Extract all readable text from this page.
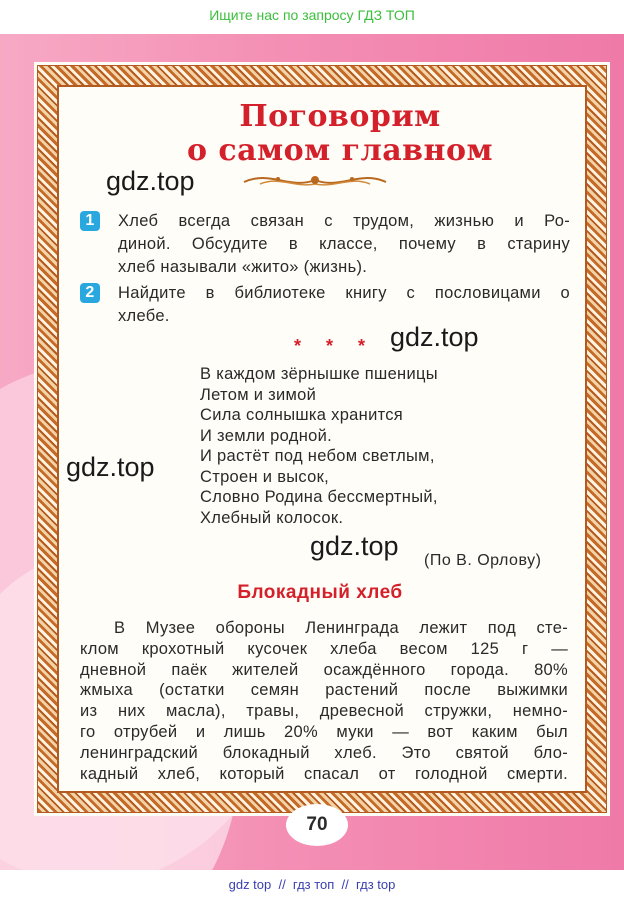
Ищите нас по запросу ГДЗ ТОП
Поговорим
о самом главном
gdz.top
gdz.top
gdz.top
gdz.top
1	Хлеб всегда связан с трудом, жизнью и Ро-
диной. Обсудите в классе, почему в старину
хлеб называли «жито» (жизнь).
2	Найдите в библиотеке книгу с пословицами о
хлебе.
* * *
В каждом зёрнышке пшеницы
Летом и зимой
Сила солнышка хранится
И земли родной.
И растёт под небом светлым,
Строен и высок,
Словно Родина бессмертный,
Хлебный колосок.
(По В. Орлову)
Блокадный хлеб
В Музее обороны Ленинграда лежит под сте-
клом крохотный кусочек хлеба весом 125 г —
дневной паёк жителей осаждённого города. 80%
жмыха (остатки семян растений после выжимки
из них масла), травы, древесной стружки, немно-
го отрубей и лишь 20% муки — вот каким был
ленинградский блокадный хлеб. Это святой бло-
кадный хлеб, который спасал от голодной смерти.
70
gdz top  //  гдз топ  //  гдз top
